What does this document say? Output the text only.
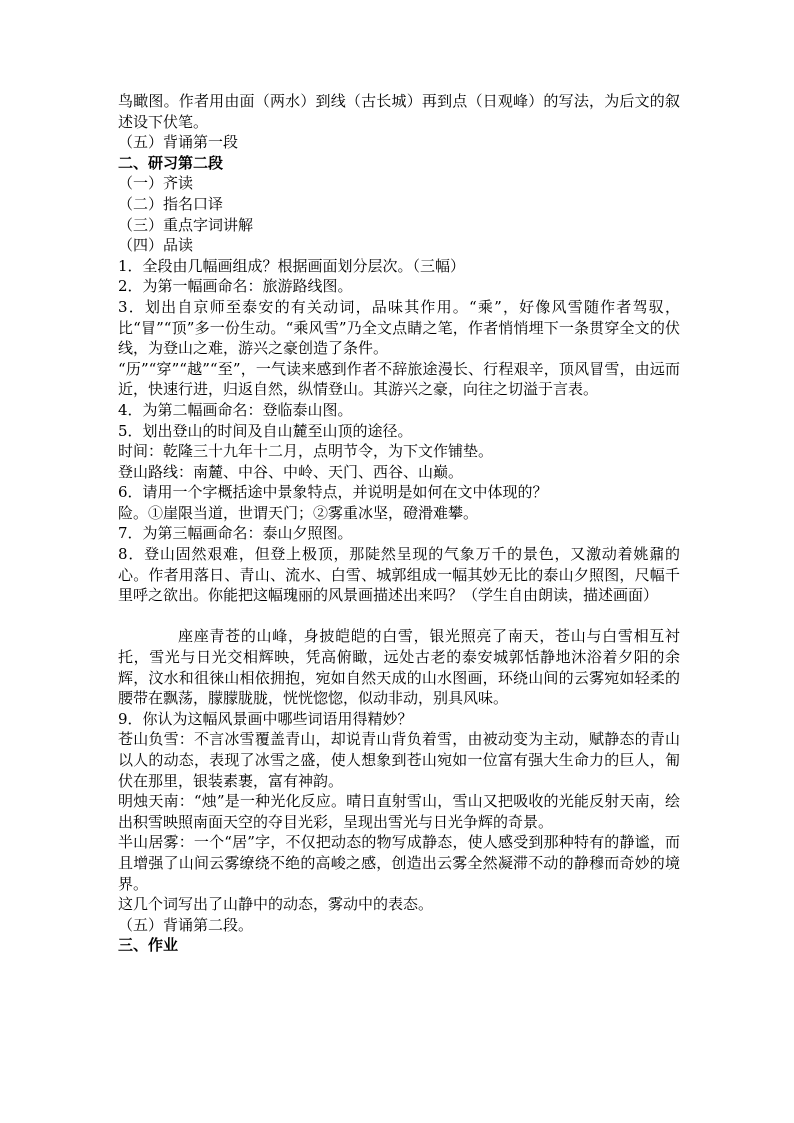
鸟瞰图。作者用由面（两水）到线（古长城）再到点（日观峰）的写法，为后文的叙述设下伏笔。

（五）背诵第一段

二、研习第二段

（一）齐读

（二）指名口译

（三）重点字词讲解

（四）品读

1．全段由几幅画组成？根据画面划分层次。（三幅）

2．为第一幅画命名：旅游路线图。

3．划出自京师至泰安的有关动词，品味其作用。“乘”，好像风雪随作者驾驭，比“冒”“顶”多一份生动。“乘风雪”乃全文点睛之笔，作者悄悄埋下一条贯穿全文的伏线，为登山之难，游兴之豪创造了条件。

“历”“穿”“越”“至”，一气读来感到作者不辞旅途漫长、行程艰辛，顶风冒雪，由远而近，快速行进，归返自然，纵情登山。其游兴之豪，向往之切溢于言表。

4．为第二幅画命名：登临泰山图。

5．划出登山的时间及自山麓至山顶的途径。

时间：乾隆三十九年十二月，点明节令，为下文作铺垫。

登山路线：南麓、中谷、中岭、天门、西谷、山巅。

6．请用一个字概括途中景象特点，并说明是如何在文中体现的？

险。①崖限当道，世谓天门；②雾重冰坚，磴滑难攀。

7．为第三幅画命名：泰山夕照图。

8．登山固然艰难，但登上极顶，那陡然呈现的气象万千的景色，又激动着姚鼐的心。作者用落日、青山、流水、白雪、城郭组成一幅其妙无比的泰山夕照图，尺幅千里呼之欲出。你能把这幅瑰丽的风景画描述出来吗？（学生自由朗读，描述画面）

座座青苍的山峰，身披皑皑的白雪，银光照亮了南天，苍山与白雪相互衬托，雪光与日光交相辉映，凭高俯瞰，远处古老的泰安城郭恬静地沐浴着夕阳的余辉，汶水和徂徕山相依拥抱，宛如自然天成的山水图画，环绕山间的云雾宛如轻柔的腰带在飘荡，朦朦胧胧，恍恍惚惚，似动非动，别具风味。

9．你认为这幅风景画中哪些词语用得精妙？

苍山负雪：不言冰雪覆盖青山，却说青山背负着雪，由被动变为主动，赋静态的青山以人的动态，表现了冰雪之盛，使人想象到苍山宛如一位富有强大生命力的巨人，匍伏在那里，银装素裹，富有神韵。

明烛天南：“烛”是一种光化反应。晴日直射雪山，雪山又把吸收的光能反射天南，绘出积雪映照南面天空的夺目光彩，呈现出雪光与日光争辉的奇景。

半山居雾：一个“居”字，不仅把动态的物写成静态，使人感受到那种特有的静谧，而且增强了山间云雾缭绕不绝的高峻之感，创造出云雾全然凝滞不动的静穆而奇妙的境界。

这几个词写出了山静中的动态，雾动中的表态。

（五）背诵第二段。

三、作业
